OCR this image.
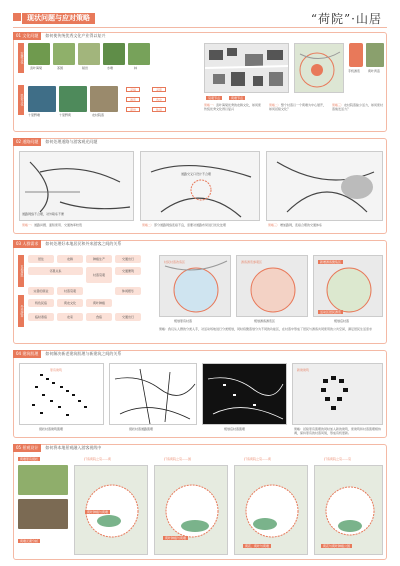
现状问题与应对策略	“荷院”·山居
01 文化问题	如何使传统优秀文化产业得以复兴
农耕文化
民俗文化
袁叶海棠	茶园	稻田	水塘	林
十里野塘	十里野荷	农村院落
采摘	采荷
游览	选中
观赏	休闲
景观节点	荷塘节点
手机游览	荷叶育苗
策略一：袁叶海棠优秀的农耕文化，如何使传统优秀文化得以复兴
策略二：整个村落以一个荷塘为中心展开，如何延续文化？
策略三：农村院落缺少活力，如何使村落焕发活力？
02 道路问题	如何处理道路与游客观光问题
道路网络不合理，对外联系不便
道路交叉口设计不合理
策略一：道路问题、面积使用、交通效率较低	策略二：部分道路网络连接不良，需要对道路布局进行优化处理	策略三：增加路网，连接合理的交通体系
03 人群需求	如何处理好本地居民和外来游客之间的关系
本地居民
外来游客
居住	农耕	种植生产	交通出行
邻里关系
村落景观
交通便利
完善的商业	村落景观	休闲娱乐
特色民宿	荷农文化	荷叶种植
临时寄宿	农家	食宿	交通出行
村民村落改造区	游客游览参观区	新增游客聚集区
活动区居民游览
规划原有村落	规划游客游览区	规划后村落
策略：我们从人群的分类入手，对活动场地进行分类规划，同时将聚落划分为不同的功能区，在村落中形成了居民与游客共同使用的公共空间，满足居民生活需求
04 建筑肌理	如何解决新老建筑肌理与新建筑之间的关系
原有建筑	新建建筑
现状村落建筑肌理	现状村落道路肌理	规划后村落肌理	策略：延续原有肌理的同时加入新的建筑，使建筑和村落肌理相协调，保持原有的村落风貌，形成有机更新。
05 景观设计	如何将本地景观融入游客视线中
荷塘原有现状
荷塘元素分析
打造荷院之景——荷	打造荷院之景——园	打造荷院之景——荷	打造荷院之景——景
荷叶种植与荷塘
荷叶种植与荷塘
荷花、荷叶与荷塘	荷花与荷叶种植公园
